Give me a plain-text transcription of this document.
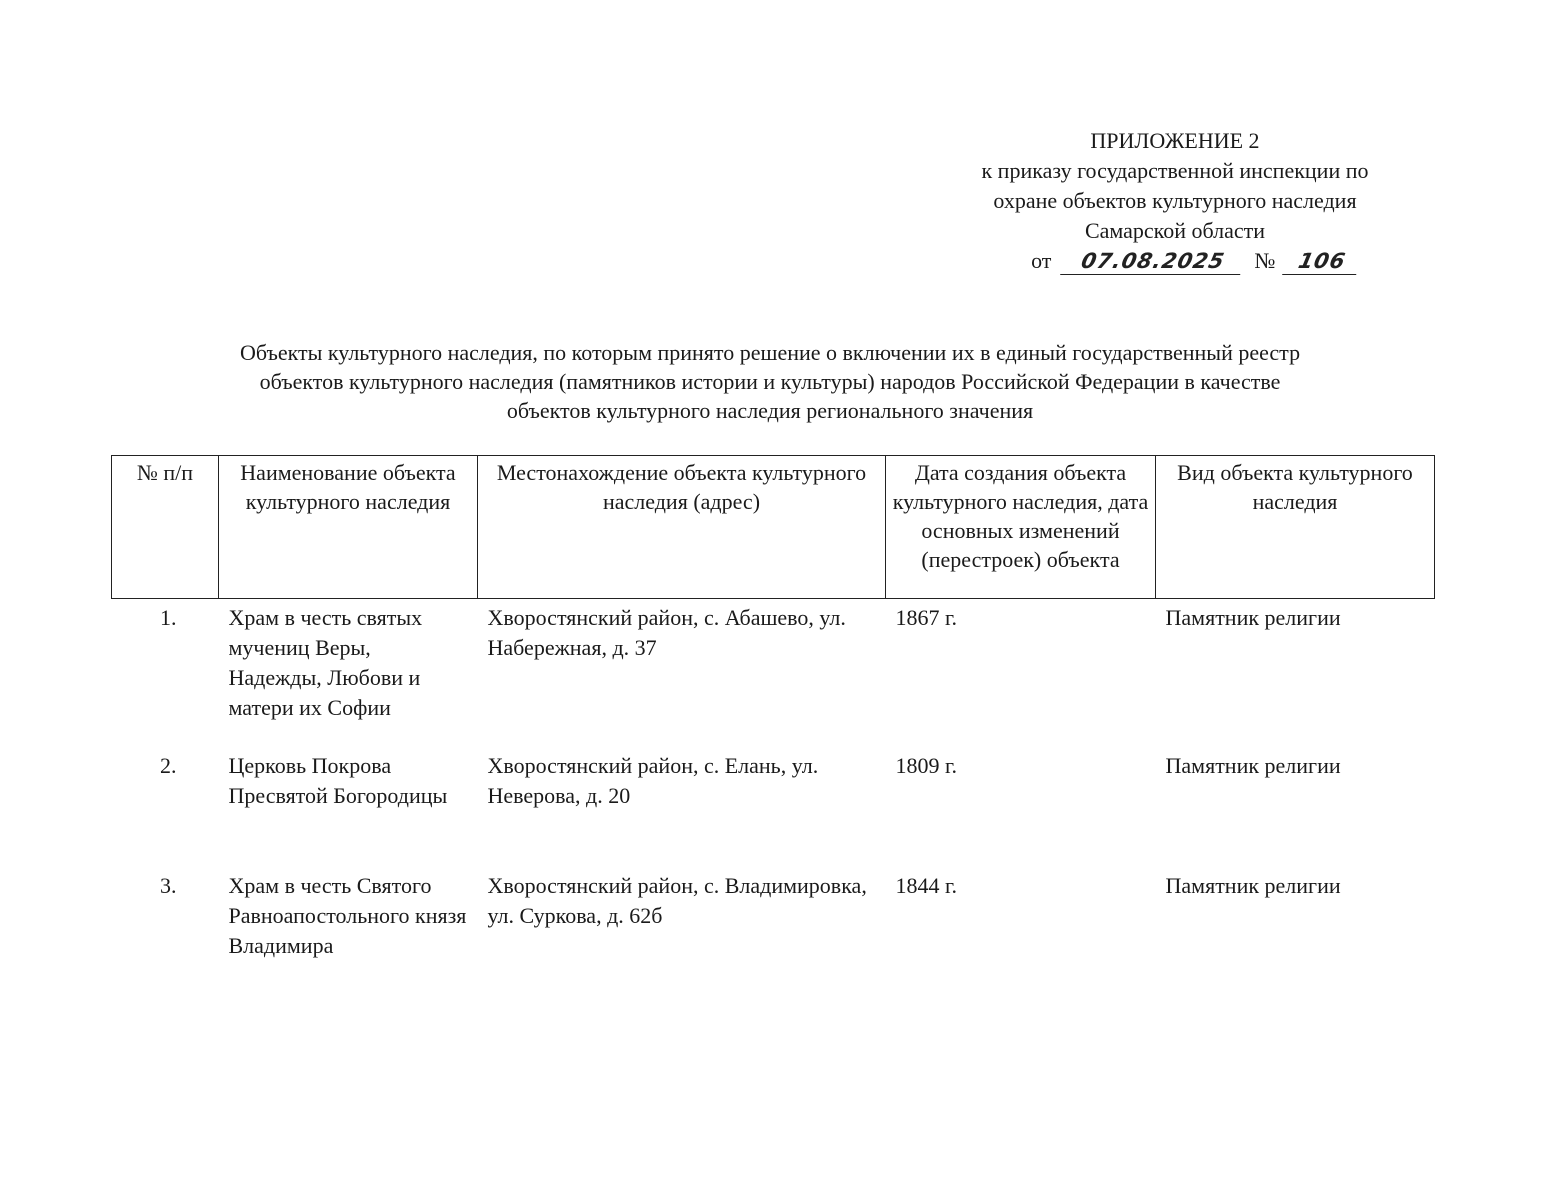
ПРИЛОЖЕНИЕ 2
к приказу государственной инспекции по
охране объектов культурного наследия
Самарской области
от 07.08.2025 № 106
Объекты культурного наследия, по которым принято решение о включении их в единый государственный реестр
объектов культурного наследия (памятников истории и культуры) народов Российской Федерации в качестве
объектов культурного наследия регионального значения
№ п/п	Наименование объекта культурного наследия	Местонахождение объекта культурного наследия (адрес)	Дата создания объекта культурного наследия, дата основных изменений (перестроек) объекта	Вид объекта культурного наследия
1.	Храм в честь святых мучениц Веры, Надежды, Любови и матери их Софии	Хворостянский район, с. Абашево, ул. Набережная, д. 37	1867 г.	Памятник религии
2.	Церковь Покрова Пресвятой Богородицы	Хворостянский район, с. Елань, ул. Неверова, д. 20	1809 г.	Памятник религии
3.	Храм в честь Святого Равноапостольного князя Владимира	Хворостянский район, с. Владимировка, ул. Суркова, д. 62б	1844 г.	Памятник религии
